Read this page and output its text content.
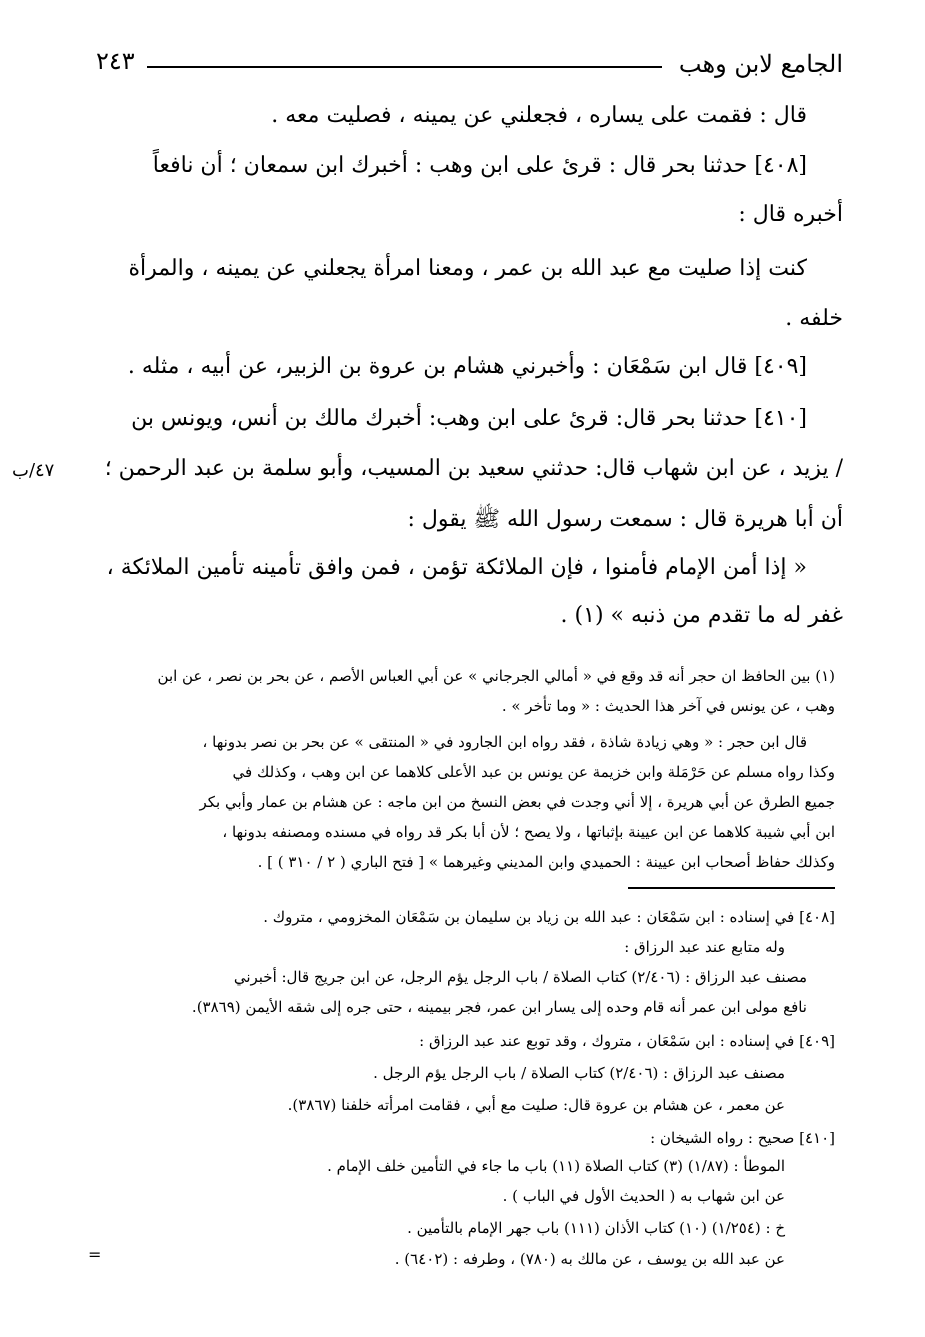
الجامع لابن وهب
٢٤٣
قال : فقمت على يساره ، فجعلني عن يمينه ، فصليت معه .
[٤٠٨] حدثنا بحر قال : قرئ على ابن وهب : أخبرك ابن سمعان ؛ أن نافعاً
أخبره قال :
كنت إذا صليت مع عبد الله بن عمر ، ومعنا امرأة يجعلني عن يمينه ، والمرأة
خلفه .
[٤٠٩] قال ابن سَمْعَان : وأخبرني هشام بن عروة بن الزبير، عن أبيه ، مثله .
[٤١٠] حدثنا بحر قال: قرئ على ابن وهب: أخبرك مالك بن أنس، ويونس بن
/ يزيد ، عن ابن شهاب قال: حدثني سعيد بن المسيب، وأبو سلمة بن عبد الرحمن ؛
أن أبا هريرة قال : سمعت رسول الله ﷺ يقول :
« إذا أمن الإمام فأمنوا ، فإن الملائكة تؤمن ، فمن وافق تأمينه تأمين الملائكة ،
غفر له ما تقدم من ذنبه » (١) .
٤٧/ب
(١) بين الحافظ ان حجر أنه قد وقع في « أمالي الجرجاني » عن أبي العباس الأصم ، عن بحر بن نصر ، عن ابن
وهب ، عن يونس في آخر هذا الحديث : « وما تأخر » .
قال ابن حجر : « وهي زيادة شاذة ، فقد رواه ابن الجارود في « المنتقى » عن بحر بن نصر بدونها ،
وكذا رواه مسلم عن حَرْمَلة وابن خزيمة عن يونس بن عبد الأعلى كلاهما عن ابن وهب ، وكذلك في
جميع الطرق عن أبي هريرة ، إلا أني وجدت في بعض النسخ من ابن ماجه : عن هشام بن عمار وأبي بكر
ابن أبي شيبة كلاهما عن ابن عيينة بإثباتها ، ولا يصح ؛ لأن أبا بكر قد رواه في مسنده ومصنفه بدونها ،
وكذلك حفاظ أصحاب ابن عيينة : الحميدي وابن المديني وغيرهما » [ فتح الباري ( ٢ / ٣١٠ ) ] .
[٤٠٨] في إسناده : ابن سَمْعَان : عبد الله بن زياد بن سليمان بن سَمْعَان المخزومي ، متروك .
وله متابع عند عبد الرزاق :
مصنف عبد الرزاق : (٢/٤٠٦) كتاب الصلاة / باب الرجل يؤم الرجل، عن ابن جريج قال: أخبرني
نافع مولى ابن عمر أنه قام وحده إلى يسار ابن عمر، فجر بيمينه ، حتى جره إلى شقه الأيمن (٣٨٦٩).
[٤٠٩] في إسناده : ابن سَمْعَان ، متروك ، وقد توبع عند عبد الرزاق :
مصنف عبد الرزاق : (٢/٤٠٦) كتاب الصلاة / باب الرجل يؤم الرجل .
عن معمر ، عن هشام بن عروة قال: صليت مع أبي ، فقامت امرأته خلفنا (٣٨٦٧).
[٤١٠] صحيح : رواه الشيخان :
الموطأ : (١/٨٧) (٣) كتاب الصلاة (١١) باب ما جاء في التأمين خلف الإمام .
عن ابن شهاب به ( الحديث الأول في الباب ) .
خ : (١/٢٥٤) (١٠) كتاب الأذان (١١١) باب جهر الإمام بالتأمين .
عن عبد الله بن يوسف ، عن مالك به (٧٨٠) ، وطرفه : (٦٤٠٢) .
=
